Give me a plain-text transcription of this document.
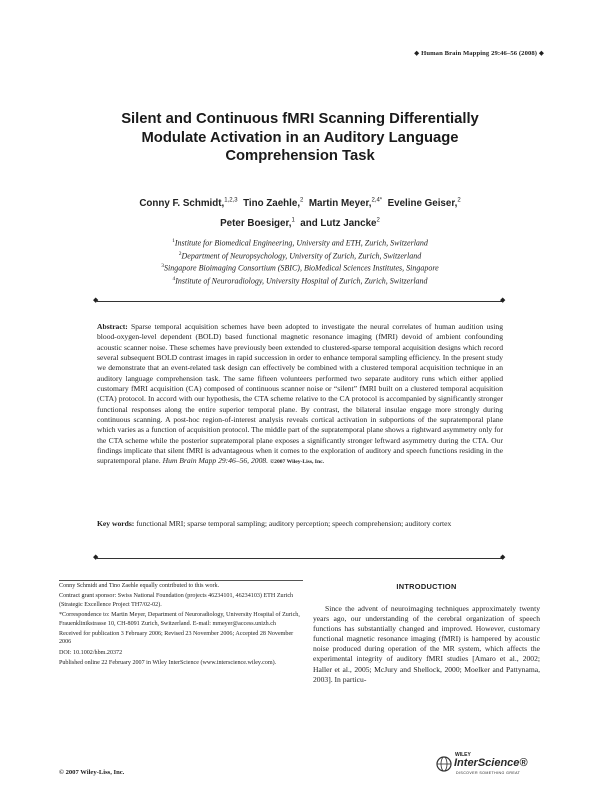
◆ Human Brain Mapping 29:46–56 (2008) ◆
Silent and Continuous fMRI Scanning Differentially
Modulate Activation in an Auditory Language
Comprehension Task
Conny F. Schmidt,$^{1,2,3}$ Tino Zaehle,$^2$ Martin Meyer,$^{2,4*}$ Eveline Geiser,$^2$
Peter Boesiger,$^1$ and Lutz Jancke$^2$
$^1$Institute for Biomedical Engineering, University and ETH, Zurich, Switzerland
$^2$Department of Neuropsychology, University of Zurich, Zurich, Switzerland
$^3$Singapore Bioimaging Consortium (SBIC), BioMedical Sciences Institutes, Singapore
$^4$Institute of Neuroradiology, University Hospital of Zurich, Zurich, Switzerland
◆	◆
Abstract: Sparse temporal acquisition schemes have been adopted to investigate the neural correlates of human audition using blood-oxygen-level dependent (BOLD) based functional magnetic resonance imaging (fMRI) devoid of ambient confounding acoustic scanner noise. These schemes have previously been extended to clustered-sparse temporal acquisition designs which record several subsequent BOLD contrast images in rapid succession in order to enhance temporal sampling efficiency. In the present study we demonstrate that an event-related task design can effectively be combined with a clustered temporal acquisition technique in an auditory language comprehension task. The same fifteen volunteers performed two separate auditory runs which either applied customary fMRI acquisition (CA) composed of continuous scanner noise or “silent” fMRI built on a clustered temporal acquisition (CTA) protocol. In accord with our hypothesis, the CTA scheme relative to the CA protocol is accompanied by significantly stronger functional responses along the entire superior temporal plane. By contrast, the bilateral insulae engage more strongly during continuous scanning. A post-hoc region-of-interest analysis reveals cortical activation in subportions of the supratemporal plane which varies as a function of acquisition protocol. The middle part of the supratemporal plane shows a rightward asymmetry only for the CTA scheme while the posterior supratemporal plane exposes a significantly stronger leftward asymmetry during the CTA. Our findings implicate that silent fMRI is advantageous when it comes to the exploration of auditory and speech functions residing in the supratemporal plane. Hum Brain Mapp 29:46–56, 2008. ©2007 Wiley-Liss, Inc.
Key words: functional MRI; sparse temporal sampling; auditory perception; speech comprehension; auditory cortex
◆	◆

Conny Schmidt and Tino Zaehle equally contributed to this work.

Contract grant sponsor: Swiss National Foundation (projects 46234101, 46234103) ETH Zurich (Strategic Excellence Project TH7/02-02).

*Correspondence to: Martin Meyer, Department of Neuroradiology, University Hospital of Zurich, Frauenklinikstrasse 10, CH-8091 Zurich, Switzerland. E-mail: mmeyer@access.unizh.ch

Received for publication 3 February 2006; Revised 23 November 2006; Accepted 28 November 2006

DOI: 10.1002/hbm.20372

Published online 22 February 2007 in Wiley InterScience (www.interscience.wiley.com).

© 2007 Wiley-Liss, Inc.
INTRODUCTION
Since the advent of neuroimaging techniques approximately twenty years ago, our understanding of the cerebral organization of speech functions has substantially changed and improved. However, customary functional magnetic resonance imaging (fMRI) is hampered by acoustic noise produced during operation of the MR system, which affects the experimental integrity of auditory fMRI studies [Amaro et al., 2002; Haller et al., 2005; McJury and Shellock, 2000; Moelker and Pattynama, 2003]. In particu-
WILEY
InterScience®
DISCOVER SOMETHING GREAT
